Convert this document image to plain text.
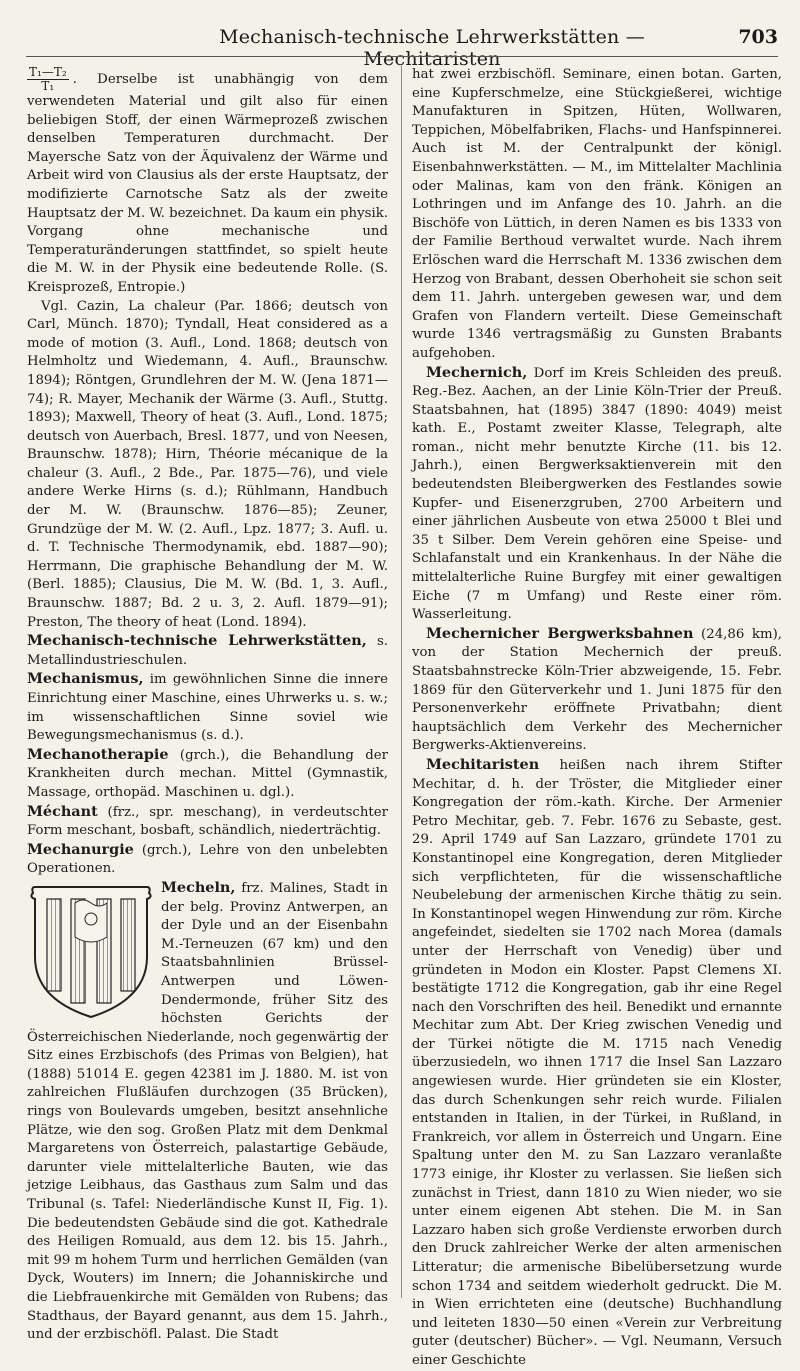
Mechanisch-technische Lehrwerkstätten — Mechitaristen
703

$\frac{\text{T₁—T₂}}{\text{T₁}}$ . Derselbe ist unabhängig von dem verwendeten Material und gilt also für einen beliebigen Stoff, der einen Wärmeprozeß zwischen denselben Temperaturen durchmacht. Der Mayersche Satz von der Äquivalenz der Wärme und Arbeit wird von Clausius als der erste Hauptsatz, der modifizierte Carnotsche Satz als der zweite Hauptsatz der M. W. bezeichnet. Da kaum ein physik. Vorgang ohne mechanische und Temperaturänderungen stattfindet, so spielt heute die M. W. in der Physik eine bedeutende Rolle. (S. Kreisprozeß, Entropie.)

Vgl. Cazin, La chaleur (Par. 1866; deutsch von Carl, Münch. 1870); Tyndall, Heat considered as a mode of motion (3. Aufl., Lond. 1868; deutsch von Helmholtz und Wiedemann, 4. Aufl., Braunschw. 1894); Röntgen, Grundlehren der M. W. (Jena 1871—74); R. Mayer, Mechanik der Wärme (3. Aufl., Stuttg. 1893); Maxwell, Theory of heat (3. Aufl., Lond. 1875; deutsch von Auerbach, Bresl. 1877, und von Neesen, Braunschw. 1878); Hirn, Théorie mécanique de la chaleur (3. Aufl., 2 Bde., Par. 1875—76), und viele andere Werke Hirns (s. d.); Rühlmann, Handbuch der M. W. (Braunschw. 1876—85); Zeuner, Grundzüge der M. W. (2. Aufl., Lpz. 1877; 3. Aufl. u. d. T. Technische Thermodynamik, ebd. 1887—90); Herrmann, Die graphische Behandlung der M. W. (Berl. 1885); Clausius, Die M. W. (Bd. 1, 3. Aufl., Braunschw. 1887; Bd. 2 u. 3, 2. Aufl. 1879—91); Preston, The theory of heat (Lond. 1894).

Mechanisch-technische Lehrwerkstätten, s. Metallindustrieschulen.

Mechanismus, im gewöhnlichen Sinne die innere Einrichtung einer Maschine, eines Uhrwerks u. s. w.; im wissenschaftlichen Sinne soviel wie Bewegungsmechanismus (s. d.).

Mechanotherapie (grch.), die Behandlung der Krankheiten durch mechan. Mittel (Gymnastik, Massage, orthopäd. Maschinen u. dgl.).

Méchant (frz., spr. meschang), in verdeutschter Form meschant, bosbaft, schändlich, niederträchtig.

Mechanurgie (grch.), Lehre von den unbelebten Operationen.

Mecheln,
frz. Malines, Stadt in der belg. Provinz Antwerpen, an der Dyle und an der Eisenbahn M.-Terneuzen (67 km) und den Staatsbahnlinien Brüssel-Antwerpen und Löwen-Dendermonde, früher Sitz des höchsten Gerichts der Österreichischen Niederlande, noch gegenwärtig der Sitz eines Erzbischofs (des Primas von Belgien), hat (1888) 51014 E. gegen 42381 im J. 1880. M. ist von zahlreichen Flußläufen durchzogen (35 Brücken), rings von Boulevards umgeben, besitzt ansehnliche Plätze, wie den sog. Großen Platz mit dem Denkmal Margaretens von Österreich, palastartige Gebäude, darunter viele mittelalterliche Bauten, wie das jetzige Leibhaus, das Gasthaus zum Salm und das Tribunal (s. Tafel: Niederländische Kunst II, Fig. 1). Die bedeutendsten Gebäude sind die got. Kathedrale des Heiligen Romuald, aus dem 12. bis 15. Jahrh., mit 99 m hohem Turm und herrlichen Gemälden (van Dyck, Wouters) im Innern; die Johanniskirche und die Liebfrauenkirche mit Gemälden von Rubens; das Stadthaus, der Bayard genannt, aus dem 15. Jahrh., und der erzbischöfl. Palast. Die Stadt

hat zwei erzbischöfl. Seminare, einen botan. Garten, eine Kupferschmelze, eine Stückgießerei, wichtige Manufakturen in Spitzen, Hüten, Wollwaren, Teppichen, Möbelfabriken, Flachs- und Hanfspinnerei. Auch ist M. der Centralpunkt der königl. Eisenbahnwerkstätten. — M., im Mittelalter Machlinia oder Malinas, kam von den fränk. Königen an Lothringen und im Anfange des 10. Jahrh. an die Bischöfe von Lüttich, in deren Namen es bis 1333 von der Familie Berthoud verwaltet wurde. Nach ihrem Erlöschen ward die Herrschaft M. 1336 zwischen dem Herzog von Brabant, dessen Oberhoheit sie schon seit dem 11. Jahrh. untergeben gewesen war, und dem Grafen von Flandern verteilt. Diese Gemeinschaft wurde 1346 vertragsmäßig zu Gunsten Brabants aufgehoben.

Mechernich, Dorf im Kreis Schleiden des preuß. Reg.-Bez. Aachen, an der Linie Köln-Trier der Preuß. Staatsbahnen, hat (1895) 3847 (1890: 4049) meist kath. E., Postamt zweiter Klasse, Telegraph, alte roman., nicht mehr benutzte Kirche (11. bis 12. Jahrh.), einen Bergwerksaktienverein mit den bedeutendsten Bleibergwerken des Festlandes sowie Kupfer- und Eisenerzgruben, 2700 Arbeitern und einer jährlichen Ausbeute von etwa 25000 t Blei und 35 t Silber. Dem Verein gehören eine Speise- und Schlafanstalt und ein Krankenhaus. In der Nähe die mittelalterliche Ruine Burgfey mit einer gewaltigen Eiche (7 m Umfang) und Reste einer röm. Wasserleitung.

Mechernicher Bergwerksbahnen (24,86 km), von der Station Mechernich der preuß. Staatsbahnstrecke Köln-Trier abzweigende, 15. Febr. 1869 für den Güterverkehr und 1. Juni 1875 für den Personenverkehr eröffnete Privatbahn; dient hauptsächlich dem Verkehr des Mechernicher Bergwerks-Aktienvereins.

Mechitaristen heißen nach ihrem Stifter Mechitar, d. h. der Tröster, die Mitglieder einer Kongregation der röm.-kath. Kirche. Der Armenier Petro Mechitar, geb. 7. Febr. 1676 zu Sebaste, gest. 29. April 1749 auf San Lazzaro, gründete 1701 zu Konstantinopel eine Kongregation, deren Mitglieder sich verpflichteten, für die wissenschaftliche Neubelebung der armenischen Kirche thätig zu sein. In Konstantinopel wegen Hinwendung zur röm. Kirche angefeindet, siedelten sie 1702 nach Morea (damals unter der Herrschaft von Venedig) über und gründeten in Modon ein Kloster. Papst Clemens XI. bestätigte 1712 die Kongregation, gab ihr eine Regel nach den Vorschriften des heil. Benedikt und ernannte Mechitar zum Abt. Der Krieg zwischen Venedig und der Türkei nötigte die M. 1715 nach Venedig überzusiedeln, wo ihnen 1717 die Insel San Lazzaro angewiesen wurde. Hier gründeten sie ein Kloster, das durch Schenkungen sehr reich wurde. Filialen entstanden in Italien, in der Türkei, in Rußland, in Frankreich, vor allem in Österreich und Ungarn. Eine Spaltung unter den M. zu San Lazzaro veranlaßte 1773 einige, ihr Kloster zu verlassen. Sie ließen sich zunächst in Triest, dann 1810 zu Wien nieder, wo sie unter einem eigenen Abt stehen. Die M. in San Lazzaro haben sich große Verdienste erworben durch den Druck zahlreicher Werke der alten armenischen Litteratur; die armenische Bibelübersetzung wurde schon 1734 and seitdem wiederholt gedruckt. Die M. in Wien errichteten eine (deutsche) Buchhandlung und leiteten 1830—50 einen «Verein zur Verbreitung guter (deutscher) Bücher». — Vgl. Neumann, Versuch einer Geschichte
